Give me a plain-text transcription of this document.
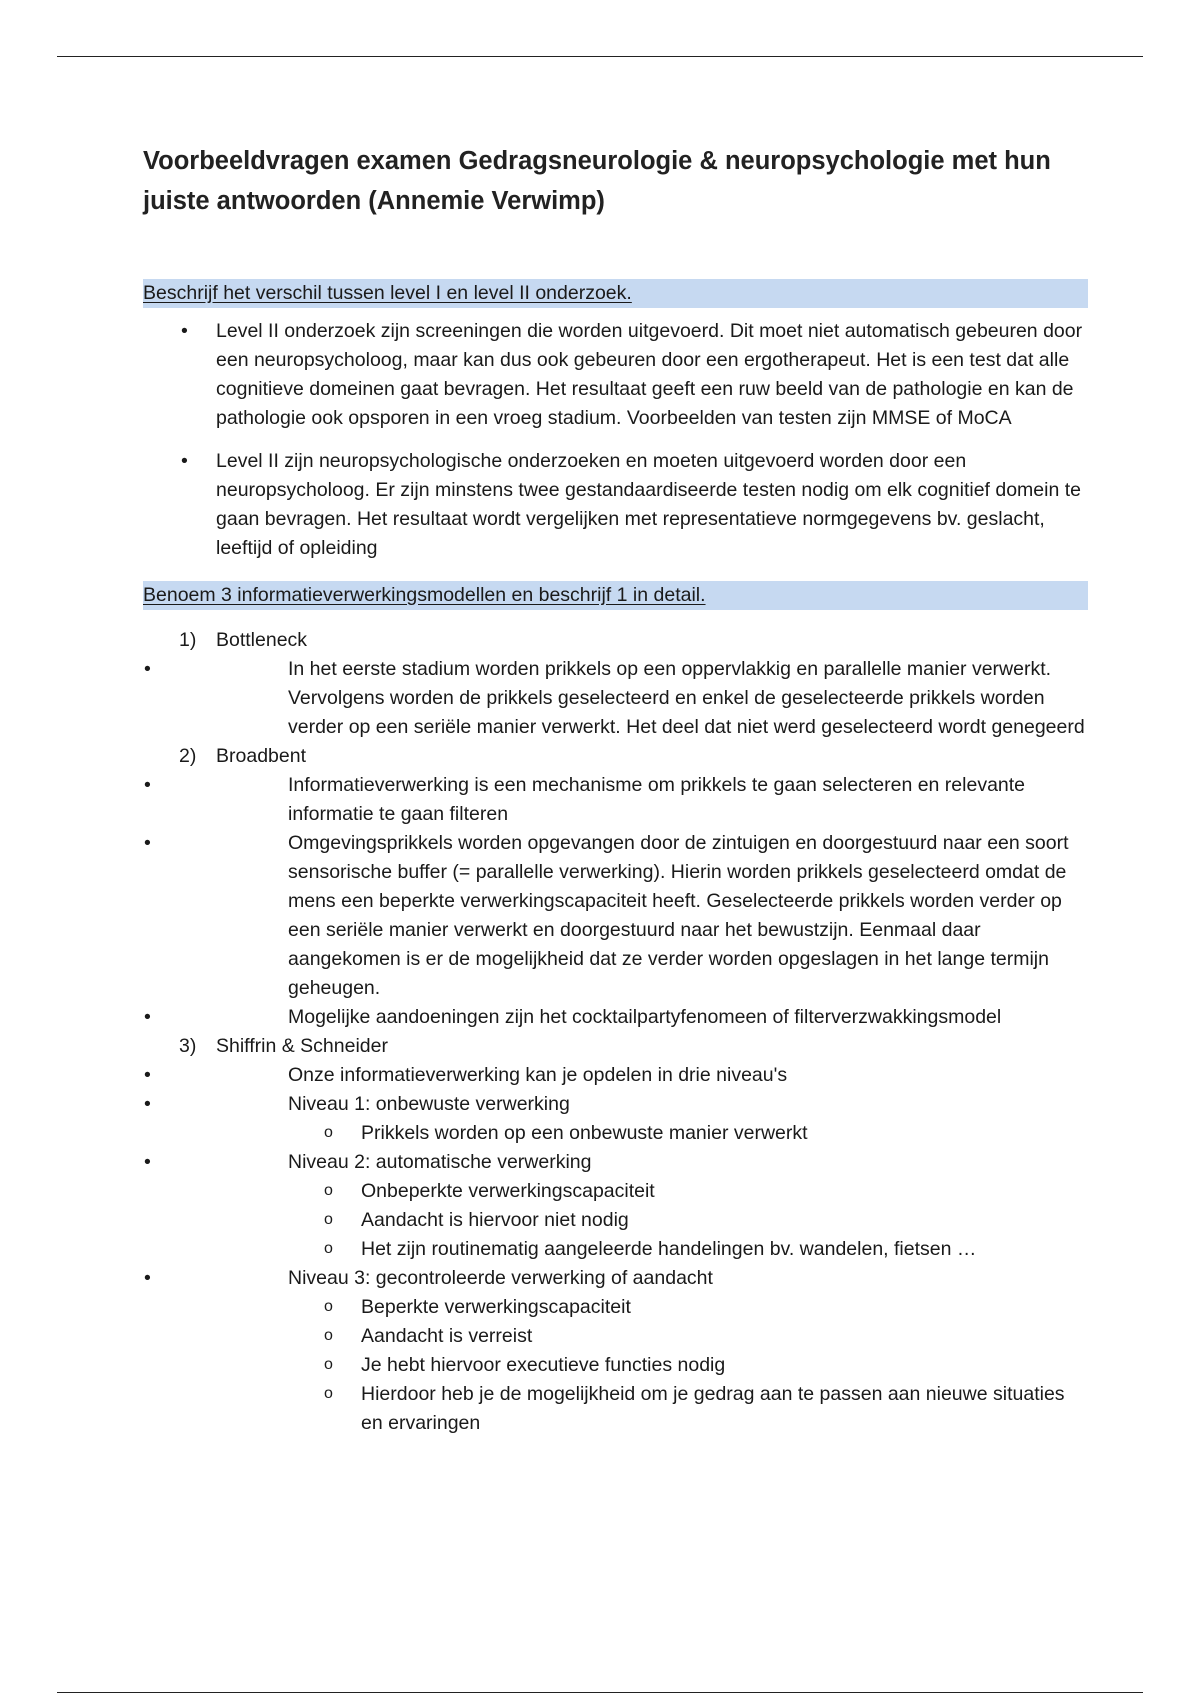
Voorbeeldvragen examen Gedragsneurologie & neuropsychologie met hun juiste antwoorden (Annemie Verwimp)
Beschrijf het verschil tussen level I en level II onderzoek.
• Level II onderzoek zijn screeningen die worden uitgevoerd. Dit moet niet automatisch gebeuren door een neuropsycholoog, maar kan dus ook gebeuren door een ergotherapeut. Het is een test dat alle cognitieve domeinen gaat bevragen. Het resultaat geeft een ruw beeld van de pathologie en kan de pathologie ook opsporen in een vroeg stadium. Voorbeelden van testen zijn MMSE of MoCA
• Level II zijn neuropsychologische onderzoeken en moeten uitgevoerd worden door een neuropsycholoog. Er zijn minstens twee gestandaardiseerde testen nodig om elk cognitief domein te gaan bevragen. Het resultaat wordt vergelijken met representatieve normgegevens bv. geslacht, leeftijd of opleiding
Benoem 3 informatieverwerkingsmodellen en beschrijf 1 in detail.
1) Bottleneck
• In het eerste stadium worden prikkels op een oppervlakkig en parallelle manier verwerkt. Vervolgens worden de prikkels geselecteerd en enkel de geselecteerde prikkels worden verder op een seriële manier verwerkt. Het deel dat niet werd geselecteerd wordt genegeerd
2) Broadbent
• Informatieverwerking is een mechanisme om prikkels te gaan selecteren en relevante informatie te gaan filteren
• Omgevingsprikkels worden opgevangen door de zintuigen en doorgestuurd naar een soort sensorische buffer (= parallelle verwerking). Hierin worden prikkels geselecteerd omdat de mens een beperkte verwerkingscapaciteit heeft. Geselecteerde prikkels worden verder op een seriële manier verwerkt en doorgestuurd naar het bewustzijn. Eenmaal daar aangekomen is er de mogelijkheid dat ze verder worden opgeslagen in het lange termijn geheugen.
• Mogelijke aandoeningen zijn het cocktailpartyfenomeen of filterverzwakkingsmodel
3) Shiffrin & Schneider
• Onze informatieverwerking kan je opdelen in drie niveau's
• Niveau 1: onbewuste verwerking
o Prikkels worden op een onbewuste manier verwerkt
• Niveau 2: automatische verwerking
o Onbeperkte verwerkingscapaciteit
o Aandacht is hiervoor niet nodig
o Het zijn routinematig aangeleerde handelingen bv. wandelen, fietsen …
• Niveau 3: gecontroleerde verwerking of aandacht
o Beperkte verwerkingscapaciteit
o Aandacht is verreist
o Je hebt hiervoor executieve functies nodig
o Hierdoor heb je de mogelijkheid om je gedrag aan te passen aan nieuwe situaties en ervaringen
